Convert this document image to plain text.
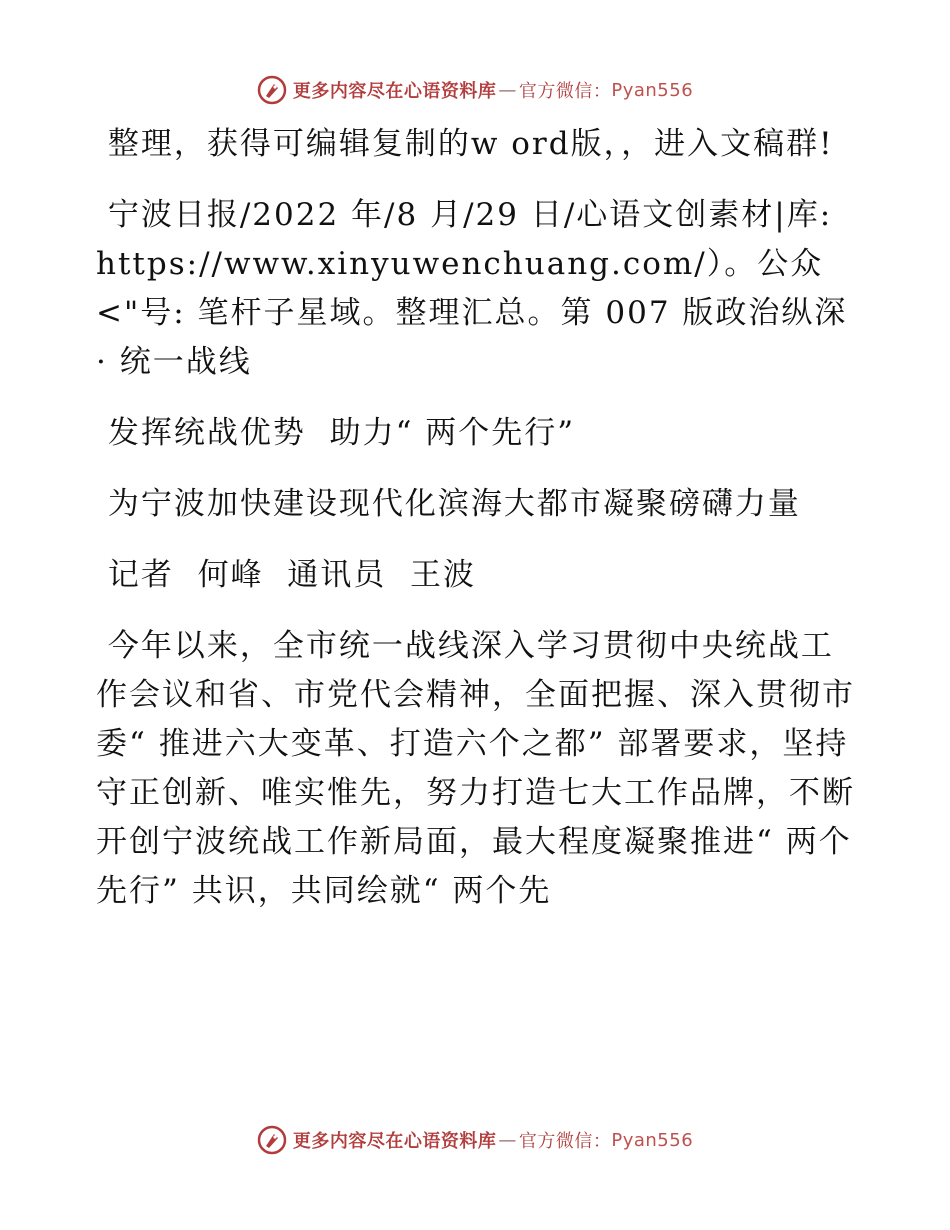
更多内容尽在心语资料库 — 官方微信： Pyan556

整理，获得可编辑复制的w ord版，，进入文稿群!

宁波日报/2022 年/8 月/29 日/心语文创素材|库: https://www.xinyuwenchuang.com/）。公众<"号: 笔杆子星域。整理汇总。第 007 版政治纵深 · 统一战线

发挥统战优势  助力“ 两个先行”

为宁波加快建设现代化滨海大都市凝聚磅礴力量

记者  何峰  通讯员  王波

今年以来，全市统一战线深入学习贯彻中央统战工作会议和省、市党代会精神，全面把握、深入贯彻市委“ 推进六大变革、打造六个之都” 部署要求，坚持守正创新、唯实惟先，努力打造七大工作品牌，不断开创宁波统战工作新局面，最大程度凝聚推进“ 两个先行” 共识，共同绘就“ 两个先

更多内容尽在心语资料库 — 官方微信： Pyan556
